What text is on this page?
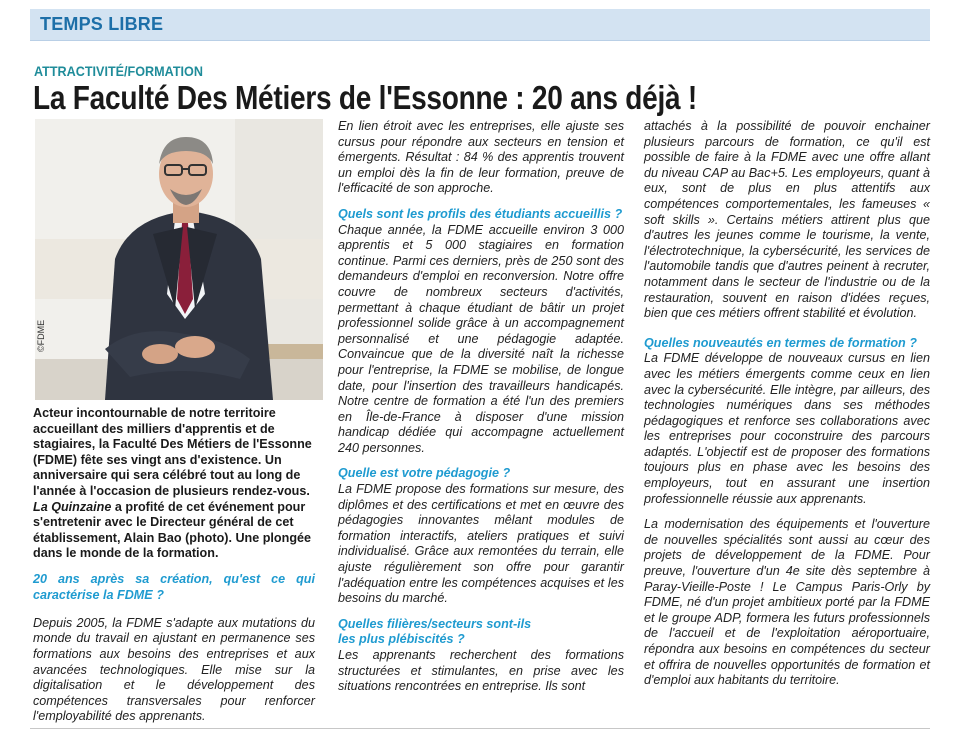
TEMPS LIBRE
ATTRACTIVITÉ/FORMATION
La Faculté Des Métiers de l'Essonne : 20 ans déjà !
©FDME
Acteur incontournable de notre territoire accueillant des milliers d'apprentis et de stagiaires, la Faculté Des Métiers de l'Essonne (FDME) fête ses vingt ans d'existence. Un anniversaire qui sera célébré tout au long de l'année à l'occasion de plusieurs rendez-vous. La Quinzaine a profité de cet événement pour s'entretenir avec le Directeur général de cet établissement, Alain Bao (photo). Une plongée dans le monde de la formation.

20 ans après sa création, qu'est ce qui caractérise la FDME ?

Depuis 2005, la FDME s'adapte aux mutations du monde du travail en ajustant en permanence ses formations aux besoins des entreprises et aux avancées technologiques. Elle mise sur la digitalisation et le développement des compétences transversales pour renforcer l'employabilité des apprenants.

En lien étroit avec les entreprises, elle ajuste ses cursus pour répondre aux secteurs en tension et émergents. Résultat : 84 % des apprentis trouvent un emploi dès la fin de leur formation, preuve de l'efficacité de son approche.

Quels sont les profils des étudiants accueillis ?

Chaque année, la FDME accueille environ 3 000 apprentis et 5 000 stagiaires en formation continue. Parmi ces derniers, près de 250 sont des demandeurs d'emploi en reconversion. Notre offre couvre de nombreux secteurs d'activités, permettant à chaque étudiant de bâtir un projet professionnel solide grâce à un accompagnement personnalisé et une pédagogie adaptée. Convaincue que de la diversité naît la richesse pour l'entreprise, la FDME se mobilise, de longue date, pour l'insertion des travailleurs handicapés. Notre centre de formation a été l'un des premiers en Île-de-France à disposer d'une mission handicap dédiée qui accompagne actuellement 240 personnes.

Quelle est votre pédagogie ?

La FDME propose des formations sur mesure, des diplômes et des certifications et met en œuvre des pédagogies innovantes mêlant modules de formation interactifs, ateliers pratiques et suivi individualisé. Grâce aux remontées du terrain, elle ajuste régulièrement son offre pour garantir l'adéquation entre les compétences acquises et les besoins du marché.

Quelles filières/secteurs sont-ils
les plus plébiscités ?

Les apprenants recherchent des formations structurées et stimulantes, en prise avec les situations rencontrées en entreprise. Ils sont

attachés à la possibilité de pouvoir enchainer plusieurs parcours de formation, ce qu'il est possible de faire à la FDME avec une offre allant du niveau CAP au Bac+5. Les employeurs, quant à eux, sont de plus en plus attentifs aux compétences comportementales, les fameuses « soft skills ». Certains métiers attirent plus que d'autres les jeunes comme le tourisme, la vente, l'électrotechnique, la cybersécurité, les services de l'automobile tandis que d'autres peinent à recruter, notamment dans le secteur de l'industrie ou de la restauration, souvent en raison d'idées reçues, bien que ces métiers offrent stabilité et évolution.

Quelles nouveautés en termes de formation ?

La FDME développe de nouveaux cursus en lien avec les métiers émergents comme ceux en lien avec la cybersécurité. Elle intègre, par ailleurs, des technologies numériques dans ses méthodes pédagogiques et renforce ses collaborations avec les entreprises pour coconstruire des parcours adaptés. L'objectif est de proposer des formations toujours plus en phase avec les besoins des employeurs, tout en assurant une insertion professionnelle réussie aux apprenants.

La modernisation des équipements et l'ouverture de nouvelles spécialités sont aussi au cœur des projets de développement de la FDME. Pour preuve, l'ouverture d'un 4e site dès septembre à Paray-Vieille-Poste ! Le Campus Paris-Orly by FDME, né d'un projet ambitieux porté par la FDME et le groupe ADP, formera les futurs professionnels de l'accueil et de l'exploitation aéroportuaire, répondra aux besoins en compétences du secteur et offrira de nouvelles opportunités de formation et d'emploi aux habitants du territoire.
